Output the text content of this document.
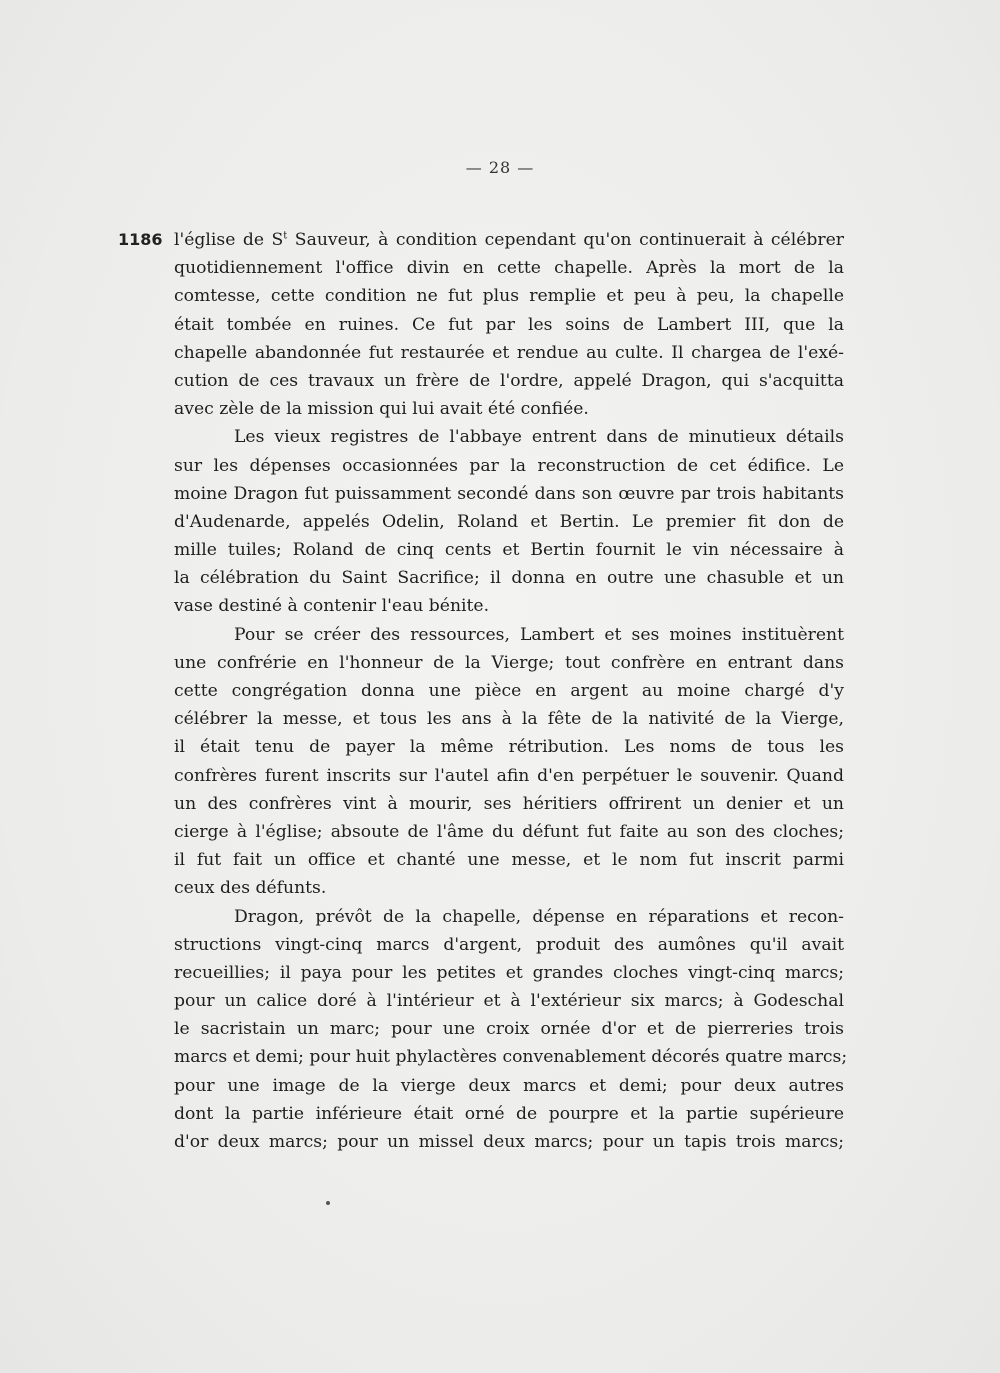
— 28 —
1186 l'église de $S^t$ Sauveur, à condition cependant qu'on continuerait à célébrer
quotidiennement l'office divin en cette chapelle. Après la mort de la
comtesse, cette condition ne fut plus remplie et peu à peu, la chapelle
était tombée en ruines. Ce fut par les soins de Lambert III, que la
chapelle abandonnée fut restaurée et rendue au culte. Il chargea de l'exé-
cution de ces travaux un frère de l'ordre, appelé Dragon, qui s'acquitta
avec zèle de la mission qui lui avait été confiée.
Les vieux registres de l'abbaye entrent dans de minutieux détails
sur les dépenses occasionnées par la reconstruction de cet édifice. Le
moine Dragon fut puissamment secondé dans son œuvre par trois habitants
d'Audenarde, appelés Odelin, Roland et Bertin. Le premier fit don de
mille tuiles; Roland de cinq cents et Bertin fournit le vin nécessaire à
la célébration du Saint Sacrifice; il donna en outre une chasuble et un
vase destiné à contenir l'eau bénite.
Pour se créer des ressources, Lambert et ses moines instituèrent
une confrérie en l'honneur de la Vierge; tout confrère en entrant dans
cette congrégation donna une pièce en argent au moine chargé d'y
célébrer la messe, et tous les ans à la fête de la nativité de la Vierge,
il était tenu de payer la même rétribution. Les noms de tous les
confrères furent inscrits sur l'autel afin d'en perpétuer le souvenir. Quand
un des confrères vint à mourir, ses héritiers offrirent un denier et un
cierge à l'église; absoute de l'âme du défunt fut faite au son des cloches;
il fut fait un office et chanté une messe, et le nom fut inscrit parmi
ceux des défunts.
Dragon, prévôt de la chapelle, dépense en réparations et recon-
structions vingt-cinq marcs d'argent, produit des aumônes qu'il avait
recueillies; il paya pour les petites et grandes cloches vingt-cinq marcs;
pour un calice doré à l'intérieur et à l'extérieur six marcs; à Godeschal
le sacristain un marc; pour une croix ornée d'or et de pierreries trois
marcs et demi; pour huit phylactères convenablement décorés quatre marcs;
pour une image de la vierge deux marcs et demi; pour deux autres
dont la partie inférieure était orné de pourpre et la partie supérieure
d'or deux marcs; pour un missel deux marcs; pour un tapis trois marcs;
